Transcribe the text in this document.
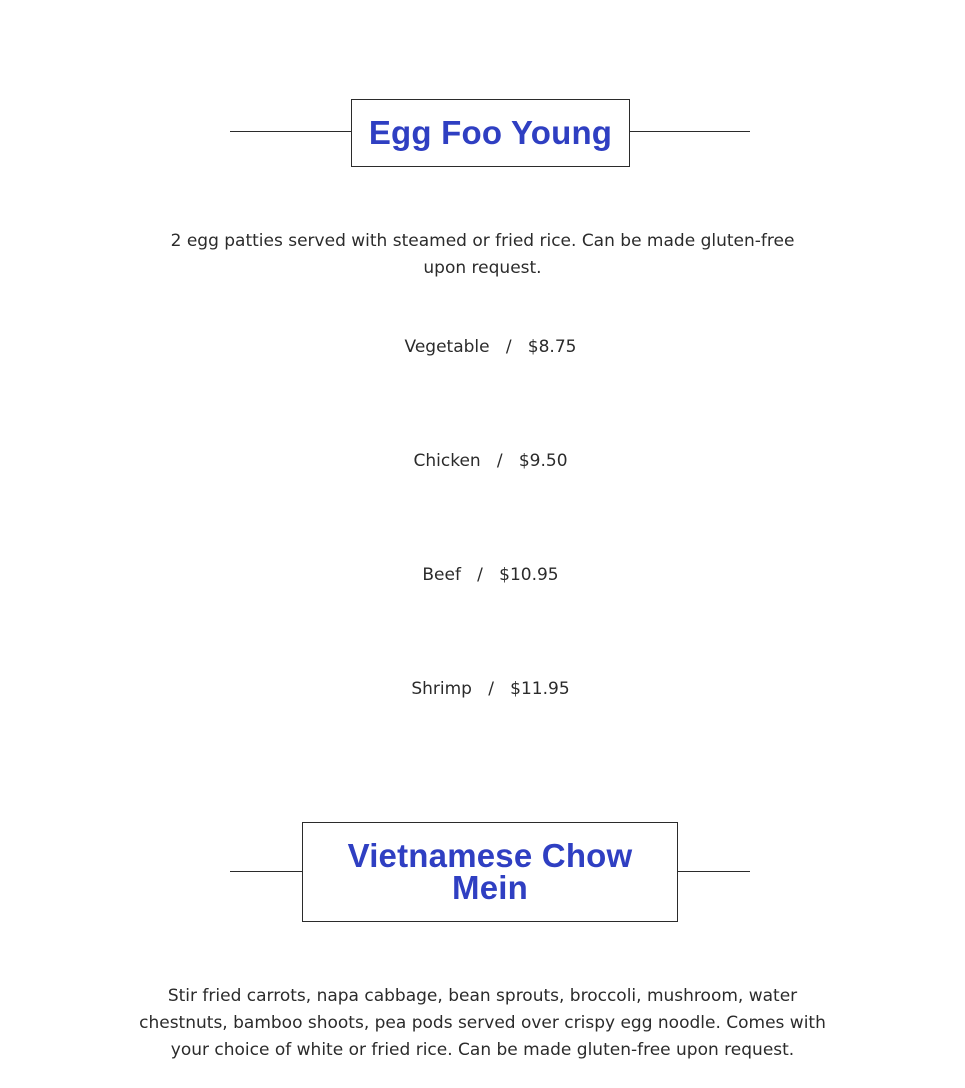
Egg Foo Young
2 egg patties served with steamed or fried rice. Can be made gluten-free upon request.
Vegetable / $8.75
Chicken / $9.50
Beef / $10.95
Shrimp / $11.95
Vietnamese Chow Mein
Stir fried carrots, napa cabbage, bean sprouts, broccoli, mushroom, water chestnuts, bamboo shoots, pea pods served over crispy egg noodle. Comes with your choice of white or fried rice. Can be made gluten-free upon request.
